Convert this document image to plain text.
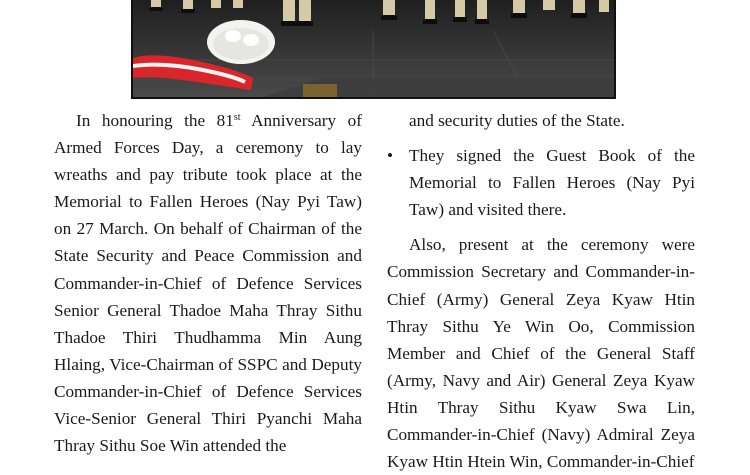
In honouring the 81st Anniversary of Armed Forces Day, a ceremony to lay wreaths and pay tribute took place at the Memorial to Fallen Heroes (Nay Pyi Taw) on 27 March. On behalf of Chairman of the State Security and Peace Commission and Commander-in-Chief of Defence Services Senior General Thadoe Maha Thray Sithu Thadoe Thiri Thudhamma Min Aung Hlaing, Vice-Chairman of SSPC and Deputy Commander-in-Chief of Defence Services Vice-Senior General Thiri Pyanchi Maha Thray Sithu Soe Win attended the

and security duties of the State.

• They signed the Guest Book of the Memorial to Fallen Heroes (Nay Pyi Taw) and visited there.

Also, present at the ceremony were Commission Secretary and Commander-in-Chief (Army) General Zeya Kyaw Htin Thray Sithu Ye Win Oo, Commission Member and Chief of the General Staff (Army, Navy and Air) General Zeya Kyaw Htin Thray Sithu Kyaw Swa Lin, Commander-in-Chief (Navy) Admiral Zeya Kyaw Htin Htein Win, Commander-in-Chief
